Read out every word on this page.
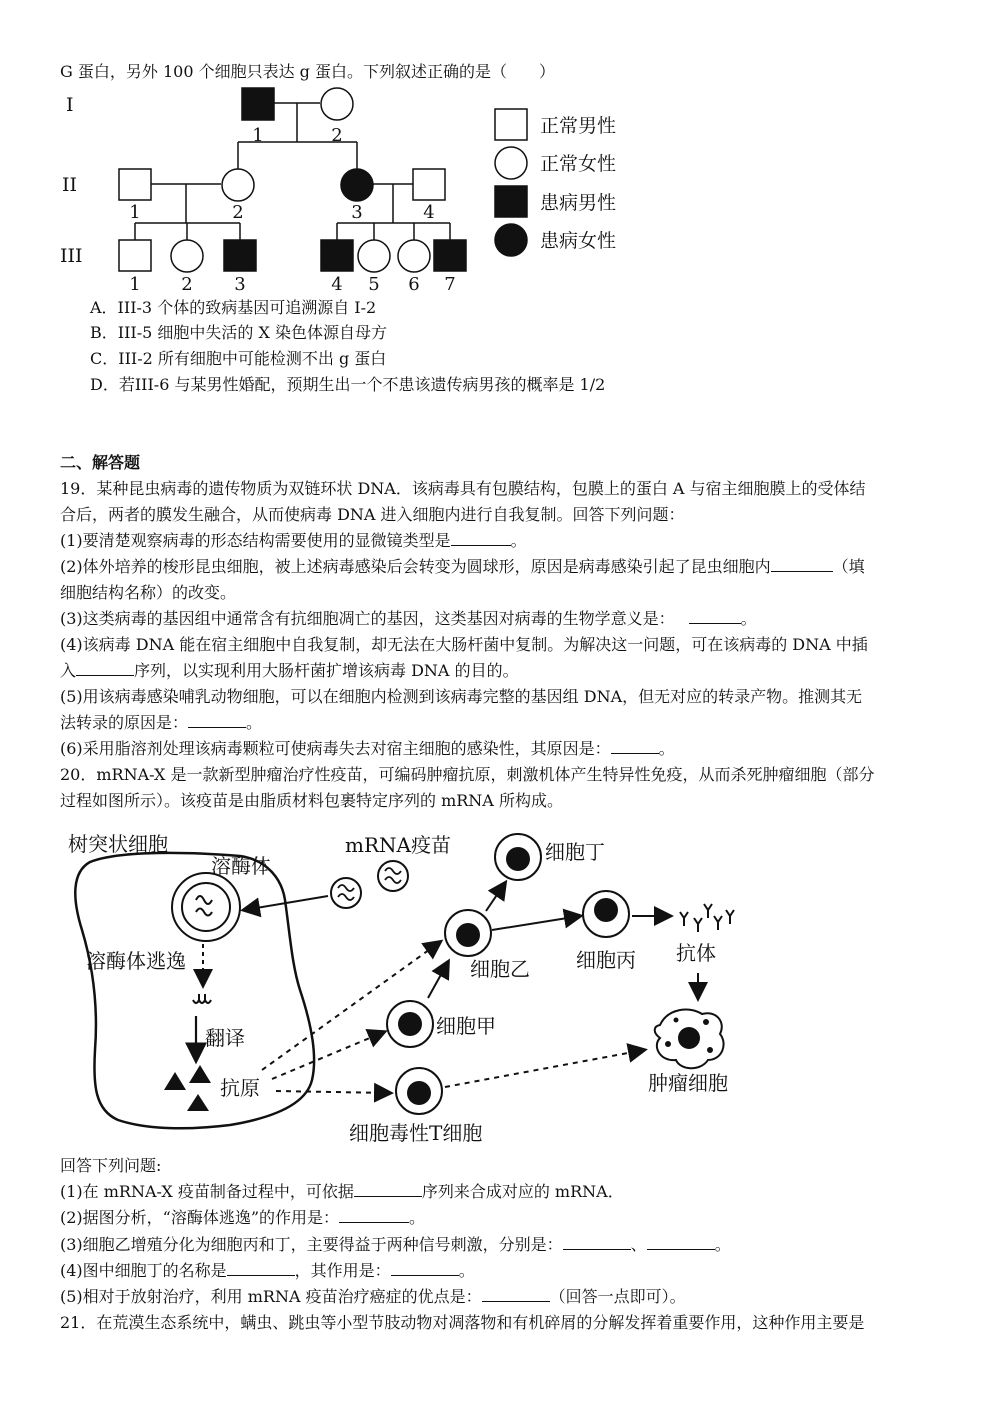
G 蛋白，另外 100 个细胞只表达 g 蛋白。下列叙述正确的是（　　）
I
II
III
1	2
1	2	3	4
1 2 3	4 5 6 7
正常男性
正常女性
患病男性
患病女性
A．III-3 个体的致病基因可追溯源自 I-2
B．III-5 细胞中失活的 X 染色体源自母方
C．III-2 所有细胞中可能检测不出 g 蛋白
D．若III-6 与某男性婚配，预期生出一个不患该遗传病男孩的概率是 1/2
二、解答题
19．某种昆虫病毒的遗传物质为双链环状 DNA．该病毒具有包膜结构，包膜上的蛋白 A 与宿主细胞膜上的受体结
合后，两者的膜发生融合，从而使病毒 DNA 进入细胞内进行自我复制。回答下列问题：
(1)要清楚观察病毒的形态结构需要使用的显微镜类型是	。
(2)体外培养的梭形昆虫细胞，被上述病毒感染后会转变为圆球形，原因是病毒感染引起了昆虫细胞内	（填
细胞结构名称）的改变。
(3)这类病毒的基因组中通常含有抗细胞凋亡的基因，这类基因对病毒的生物学意义是：	。
(4)该病毒 DNA 能在宿主细胞中自我复制，却无法在大肠杆菌中复制。为解决这一问题，可在该病毒的 DNA 中插
入	序列，以实现利用大肠杆菌扩增该病毒 DNA 的目的。
(5)用该病毒感染哺乳动物细胞，可以在细胞内检测到该病毒完整的基因组 DNA，但无对应的转录产物。推测其无
法转录的原因是：	。
(6)采用脂溶剂处理该病毒颗粒可使病毒失去对宿主细胞的感染性，其原因是：	。
20．mRNA-X 是一款新型肿瘤治疗性疫苗，可编码肿瘤抗原，刺激机体产生特异性免疫，从而杀死肿瘤细胞（部分
过程如图所示）。该疫苗是由脂质材料包裹特定序列的 mRNA 所构成。
树突状细胞
溶酶体
mRNA疫苗
溶酶体逃逸
翻译
抗原
细胞甲
细胞乙 细胞丙
细胞丁
抗体
肿瘤细胞
细胞毒性T细胞
回答下列问题:
(1)在 mRNA-X 疫苗制备过程中，可依据	序列来合成对应的 mRNA．
(2)据图分析，“溶酶体逃逸”的作用是：	。
(3)细胞乙增殖分化为细胞丙和丁，主要得益于两种信号刺激，分别是：	、	。
(4)图中细胞丁的名称是	，其作用是：	。
(5)相对于放射治疗，利用 mRNA 疫苗治疗癌症的优点是：	（回答一点即可）。
21．在荒漠生态系统中，螨虫、跳虫等小型节肢动物对凋落物和有机碎屑的分解发挥着重要作用，这种作用主要是
